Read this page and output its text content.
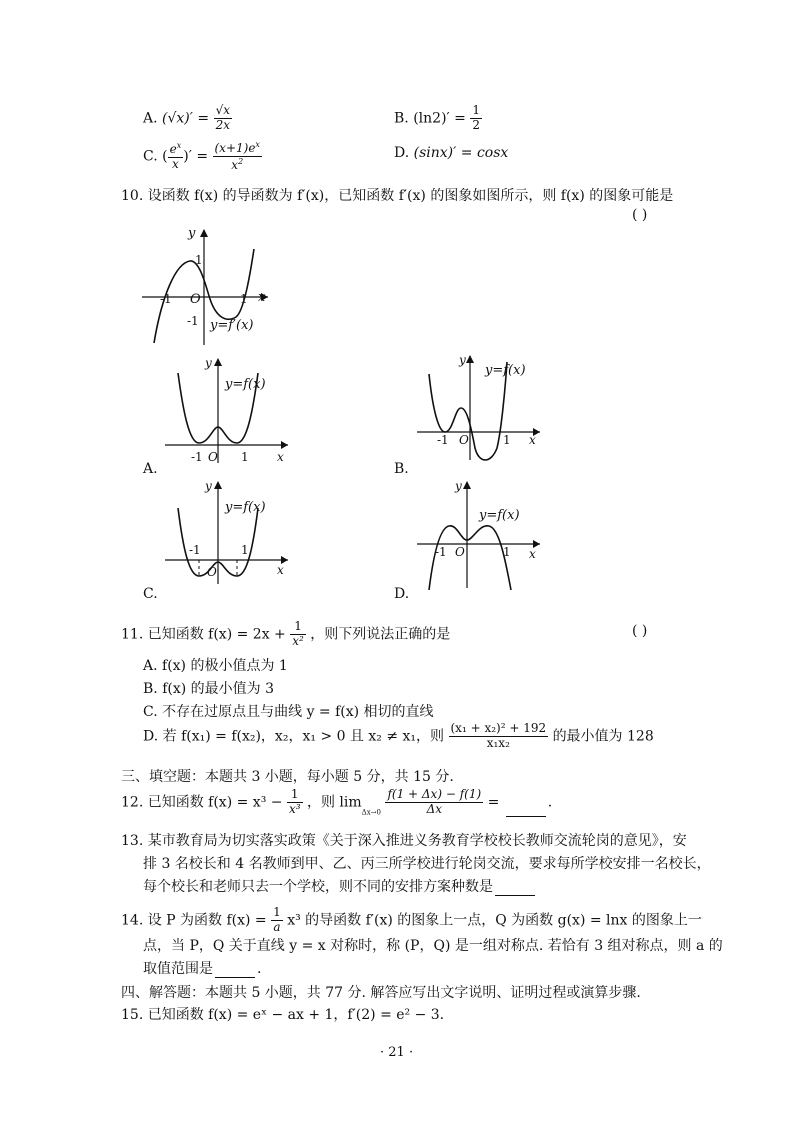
A. $(√x)' = \frac{√x}{2x}$	B. $(\ln 2)' = \frac{1}{2}$
C. ( $\frac{e^x}{x}$ )′ = $\frac{(x+1)e^x}{x^2}$	D. (sinx)′ = cosx
10. 设函数 f(x) 的导函数为 f′(x)，已知函数 f′(x) 的图象如图所示，则 f(x) 的图象可能是
( )
y
x
O
-1	1
1
-1 y=f′(x)
y
y=f(x)
-1 O 1 x
A.
y
y=f(x)
-1 O	1 x
B.
y
y=f(x)
-1
O
1
x
C.
y
y=f(x)
-1 O	1 x
D.
11. 已知函数 $f(x) = 2x + \frac{1}{\text{x²}}$ ，则下列说法正确的是	( )
A. f(x) 的极小值点为 1
B. f(x) 的最小值为 3
C. 不存在过原点且与曲线 y = f(x) 相切的直线
D. 若 f(x₁) = f(x₂)，x₂，x₁ > 0 且 x₂ ≠ x₁，则 $\frac{\text{(x₁ + x₂)² + 192}}{\text{x₁x₂}}$ 的最小值为 128
三、填空题：本题共 3 小题，每小题 5 分，共 15 分.
12. 已知函数 $f(x) = x^3 - \frac{1}{\text{x³}}$ ，则 $\lim_{\Delta x\to 0} \frac{f(1 + \Delta x) - f(1)}{\Delta x}$ =	.
13. 某市教育局为切实落实政策《关于深入推进义务教育学校校长教师交流轮岗的意见》，安
排 3 名校长和 4 名教师到甲、乙、丙三所学校进行轮岗交流，要求每所学校安排一名校长，
每个校长和老师只去一个学校，则不同的安排方案种数是
14. 设 P 为函数 $f(x) = \frac{1}{a} x^3$ 的导函数 f′(x) 的图象上一点，Q 为函数 g(x) = lnx 的图象上一
点，当 P，Q 关于直线 y = x 对称时，称 (P，Q) 是一组对称点. 若恰有 3 组对称点，则 a 的
取值范围是	.
四、解答题：本题共 5 小题，共 77 分. 解答应写出文字说明、证明过程或演算步骤.
15. 已知函数 f(x) = eˣ − ax + 1，f′(2) = e² − 3.
· 21 ·
